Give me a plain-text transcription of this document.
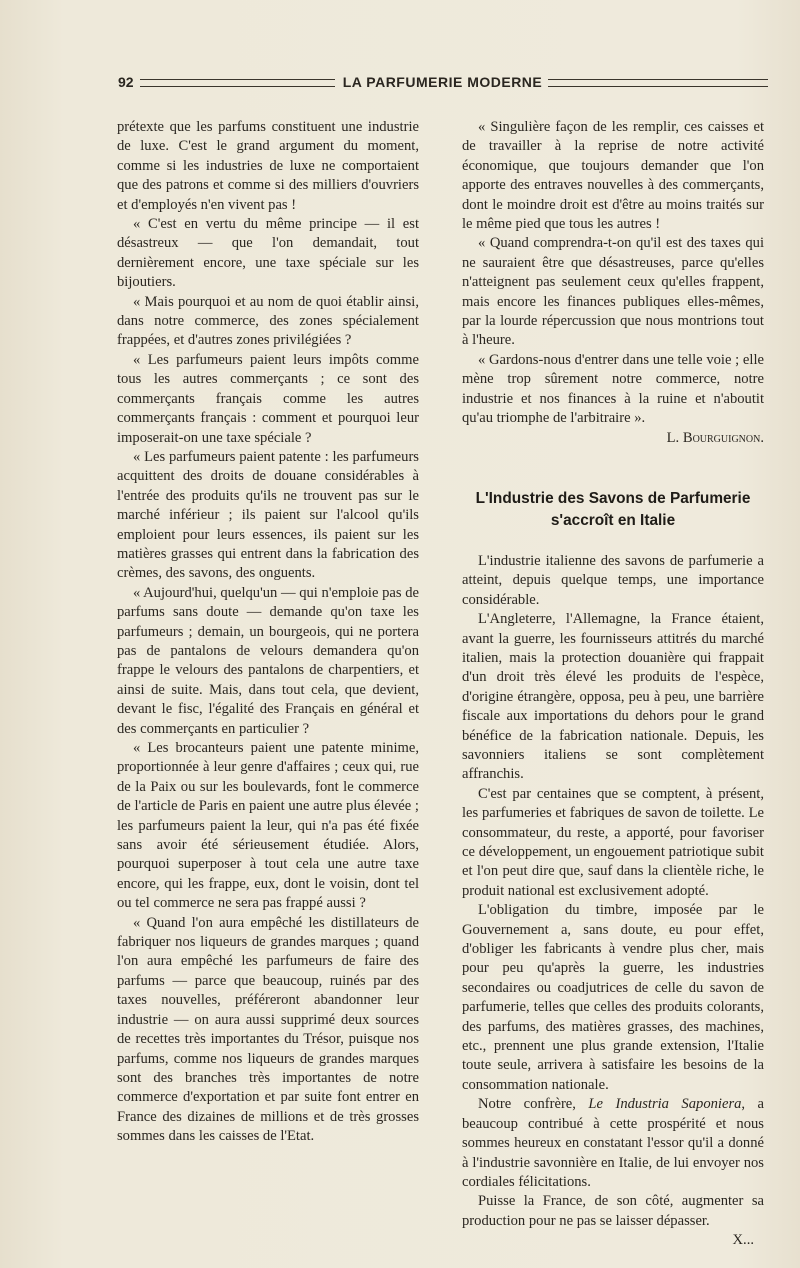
92	LA PARFUMERIE MODERNE

prétexte que les parfums constituent une industrie de luxe. C'est le grand argument du moment, comme si les industries de luxe ne comportaient que des patrons et comme si des milliers d'ouvriers et d'employés n'en vivent pas !

« C'est en vertu du même principe — il est désastreux — que l'on demandait, tout dernièrement encore, une taxe spéciale sur les bijoutiers.

« Mais pourquoi et au nom de quoi établir ainsi, dans notre commerce, des zones spécialement frappées, et d'autres zones privilégiées ?

« Les parfumeurs paient leurs impôts comme tous les autres commerçants ; ce sont des commerçants français comme les autres commerçants français : comment et pourquoi leur imposerait-on une taxe spéciale ?

« Les parfumeurs paient patente : les parfumeurs acquittent des droits de douane considérables à l'entrée des produits qu'ils ne trouvent pas sur le marché inférieur ; ils paient sur l'alcool qu'ils emploient pour leurs essences, ils paient sur les matières grasses qui entrent dans la fabrication des crèmes, des savons, des onguents.

« Aujourd'hui, quelqu'un — qui n'emploie pas de parfums sans doute — demande qu'on taxe les parfumeurs ; demain, un bourgeois, qui ne portera pas de pantalons de velours demandera qu'on frappe le velours des pantalons de charpentiers, et ainsi de suite. Mais, dans tout cela, que devient, devant le fisc, l'égalité des Français en général et des commerçants en particulier ?

« Les brocanteurs paient une patente minime, proportionnée à leur genre d'affaires ; ceux qui, rue de la Paix ou sur les boulevards, font le commerce de l'article de Paris en paient une autre plus élevée ; les parfumeurs paient la leur, qui n'a pas été fixée sans avoir été sérieusement étudiée. Alors, pourquoi superposer à tout cela une autre taxe encore, qui les frappe, eux, dont le voisin, dont tel ou tel commerce ne sera pas frappé aussi ?

« Quand l'on aura empêché les distillateurs de fabriquer nos liqueurs de grandes marques ; quand l'on aura empêché les parfumeurs de faire des parfums — parce que beaucoup, ruinés par des taxes nouvelles, préféreront abandonner leur industrie — on aura aussi supprimé deux sources de recettes très importantes du Trésor, puisque nos parfums, comme nos liqueurs de grandes marques sont des branches très importantes de notre commerce d'exportation et par suite font entrer en France des dizaines de millions et de très grosses sommes dans les caisses de l'Etat.

« Singulière façon de les remplir, ces caisses et de travailler à la reprise de notre activité économique, que toujours demander que l'on apporte des entraves nouvelles à des commerçants, dont le moindre droit est d'être au moins traités sur le même pied que tous les autres !

« Quand comprendra-t-on qu'il est des taxes qui ne sauraient être que désastreuses, parce qu'elles n'atteignent pas seulement ceux qu'elles frappent, mais encore les finances publiques elles-mêmes, par la lourde répercussion que nous montrions tout à l'heure.

« Gardons-nous d'entrer dans une telle voie ; elle mène trop sûrement notre commerce, notre industrie et nos finances à la ruine et n'aboutit qu'au triomphe de l'arbitraire ».

L. Bourguignon.
L'Industrie des Savons de Parfumerie s'accroît en Italie

L'industrie italienne des savons de parfumerie a atteint, depuis quelque temps, une importance considérable.

L'Angleterre, l'Allemagne, la France étaient, avant la guerre, les fournisseurs attitrés du marché italien, mais la protection douanière qui frappait d'un droit très élevé les produits de l'espèce, d'origine étrangère, opposa, peu à peu, une barrière fiscale aux importations du dehors pour le grand bénéfice de la fabrication nationale. Depuis, les savonniers italiens se sont complètement affranchis.

C'est par centaines que se comptent, à présent, les parfumeries et fabriques de savon de toilette. Le consommateur, du reste, a apporté, pour favoriser ce développement, un engouement patriotique subit et l'on peut dire que, sauf dans la clientèle riche, le produit national est exclusivement adopté.

L'obligation du timbre, imposée par le Gouvernement a, sans doute, eu pour effet, d'obliger les fabricants à vendre plus cher, mais pour peu qu'après la guerre, les industries secondaires ou coadjutrices de celle du savon de parfumerie, telles que celles des produits colorants, des parfums, des matières grasses, des machines, etc., prennent une plus grande extension, l'Italie toute seule, arrivera à satisfaire les besoins de la consommation nationale.

Notre confrère, Le Industria Saponiera, a beaucoup contribué à cette prospérité et nous sommes heureux en constatant l'essor qu'il a donné à l'industrie savonnière en Italie, de lui envoyer nos cordiales félicitations.

Puisse la France, de son côté, augmenter sa production pour ne pas se laisser dépasser.

X...
